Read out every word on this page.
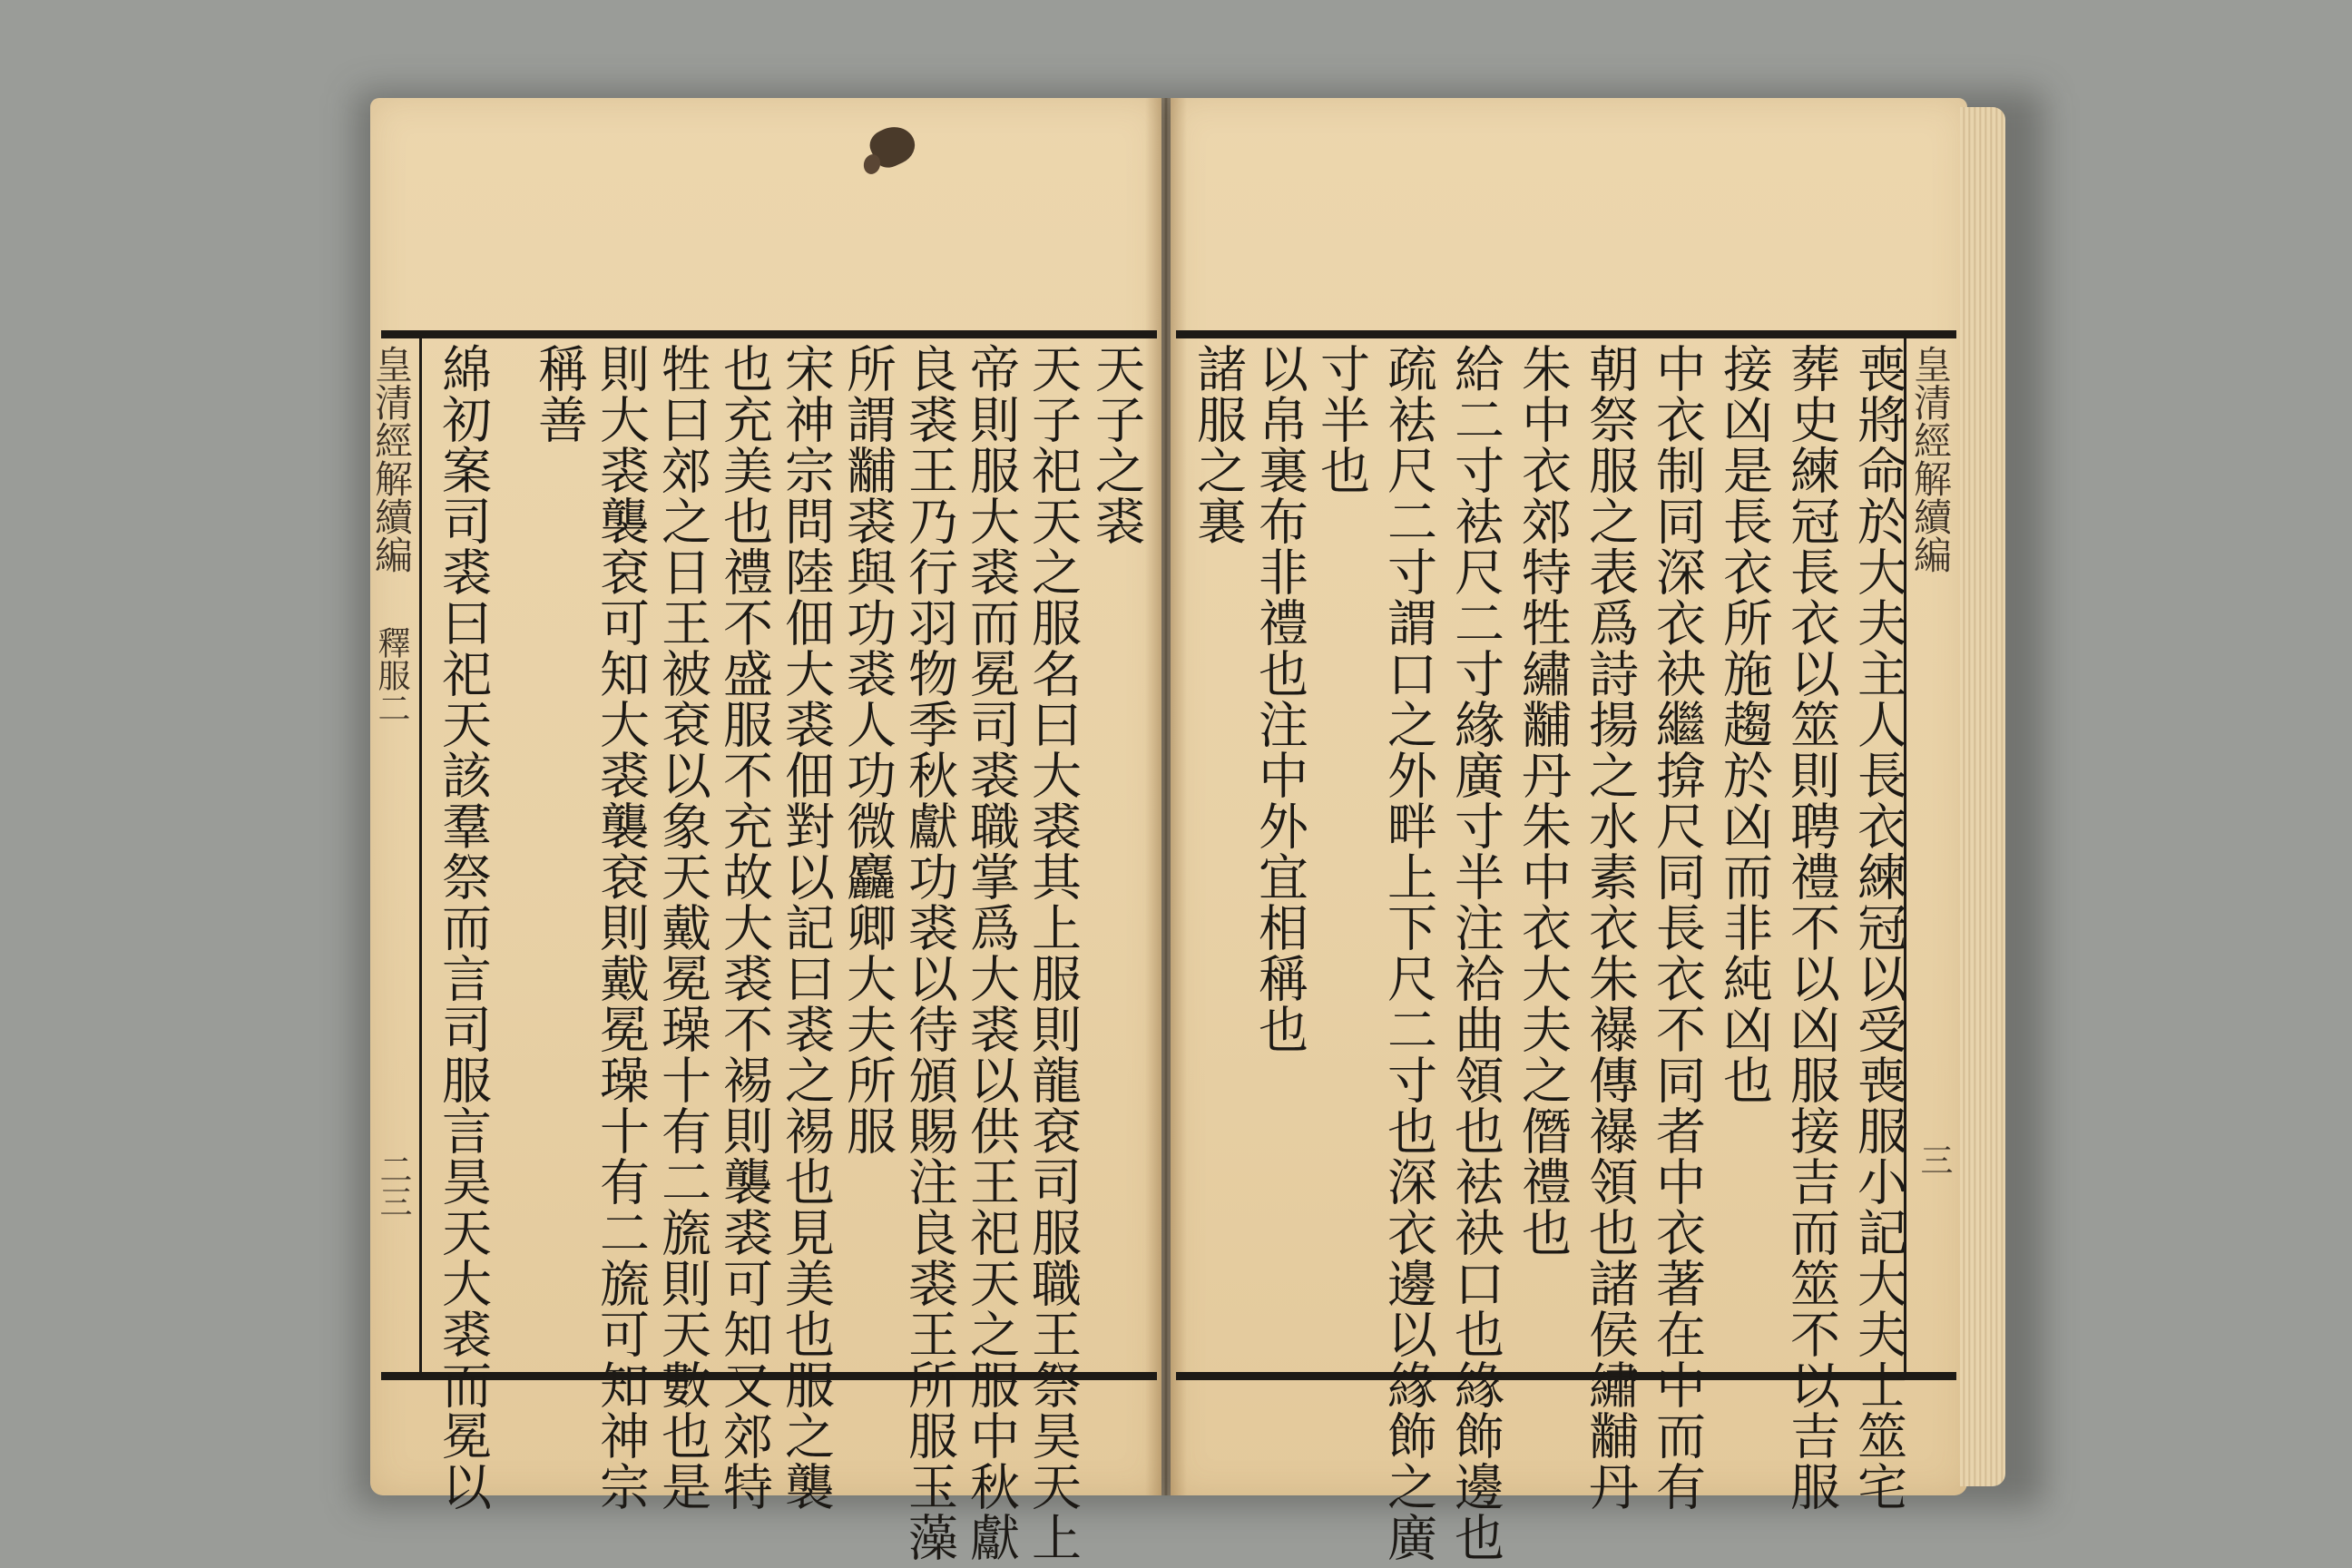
皇清經解續編
釋服二
二三
皇清經解續編
三
天子之裘
天子祀天之服名曰大裘其上服則龍袞司服職王祭昊天上
帝則服大裘而冕司裘職掌爲大裘以供王祀天之服中秋獻
良裘王乃行羽物季秋獻功裘以待頒賜注良裘王所服玉藻
所謂黼裘與功裘人功微麤卿大夫所服
宋神宗問陸佃大裘佃對以記曰裘之裼也見美也服之襲
也充美也禮不盛服不充故大裘不裼則襲裘可知又郊特
牲曰郊之日王被袞以象天戴冕璪十有二旒則天數也是
則大裘襲袞可知大裘襲袞則戴冕璪十有二旒可知神宗
稱善
綿初案司裘曰祀天該羣祭而言司服言昊天大裘而冕以	喪將命於大夫主人長衣練冠以受喪服小記大夫士筮宅
葬史練冠長衣以筮則聘禮不以凶服接吉而筮不以吉服
接凶是長衣所施趨於凶而非純凶也
中衣制同深衣袂繼揜尺同長衣不同者中衣著在中而有
朝祭服之表爲詩揚之水素衣朱襮傳襮領也諸侯繡黼丹
朱中衣郊特牲繡黼丹朱中衣大夫之僭禮也
給二寸袪尺二寸緣廣寸半注袷曲領也袪袂口也緣飾邊也
疏袪尺二寸謂口之外畔上下尺二寸也深衣邊以緣飾之廣
寸半也
以帛裏布非禮也注中外宜相稱也
諸服之裏
